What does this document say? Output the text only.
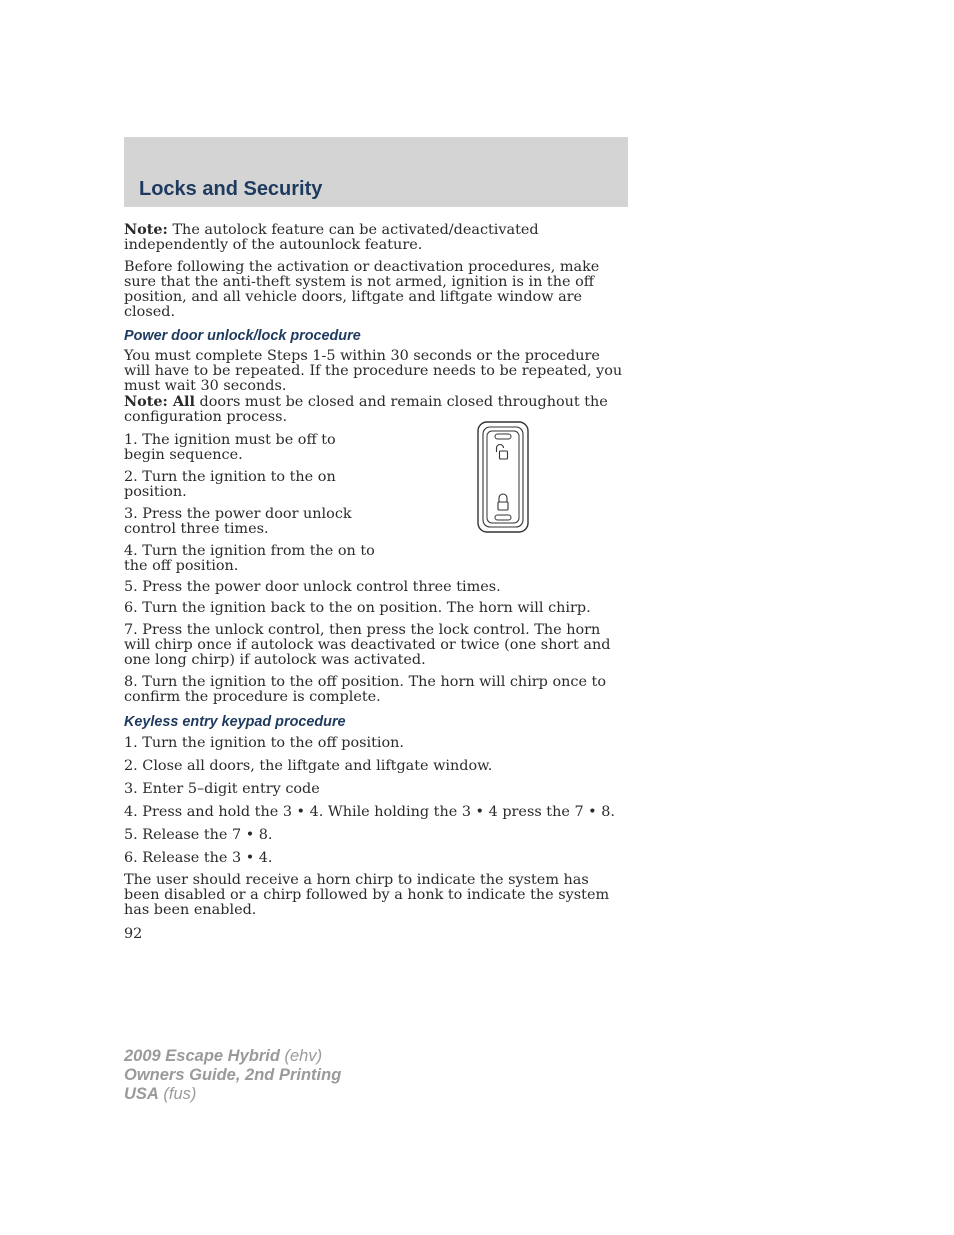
Locks and Security

Note: The autolock feature can be activated/deactivated independently of the autounlock feature.

Before following the activation or deactivation procedures, make sure that the anti-theft system is not armed, ignition is in the off position, and all vehicle doors, liftgate and liftgate window are closed.

Power door unlock/lock procedure

You must complete Steps 1-5 within 30 seconds or the procedure will have to be repeated. If the procedure needs to be repeated, you must wait 30 seconds.

Note: All doors must be closed and remain closed throughout the configuration process.

1. The ignition must be off to begin sequence.

2. Turn the ignition to the on position.

3. Press the power door unlock control three times.

4. Turn the ignition from the on to the off position.

5. Press the power door unlock control three times.

6. Turn the ignition back to the on position. The horn will chirp.

7. Press the unlock control, then press the lock control. The horn will chirp once if autolock was deactivated or twice (one short and one long chirp) if autolock was activated.

8. Turn the ignition to the off position. The horn will chirp once to confirm the procedure is complete.

Keyless entry keypad procedure

1. Turn the ignition to the off position.

2. Close all doors, the liftgate and liftgate window.

3. Enter 5–digit entry code

4. Press and hold the 3 • 4. While holding the 3 • 4 press the 7 • 8.

5. Release the 7 • 8.

6. Release the 3 • 4.

The user should receive a horn chirp to indicate the system has been disabled or a chirp followed by a honk to indicate the system has been enabled.

92
2009 Escape Hybrid (ehv)
Owners Guide, 2nd Printing
USA (fus)
